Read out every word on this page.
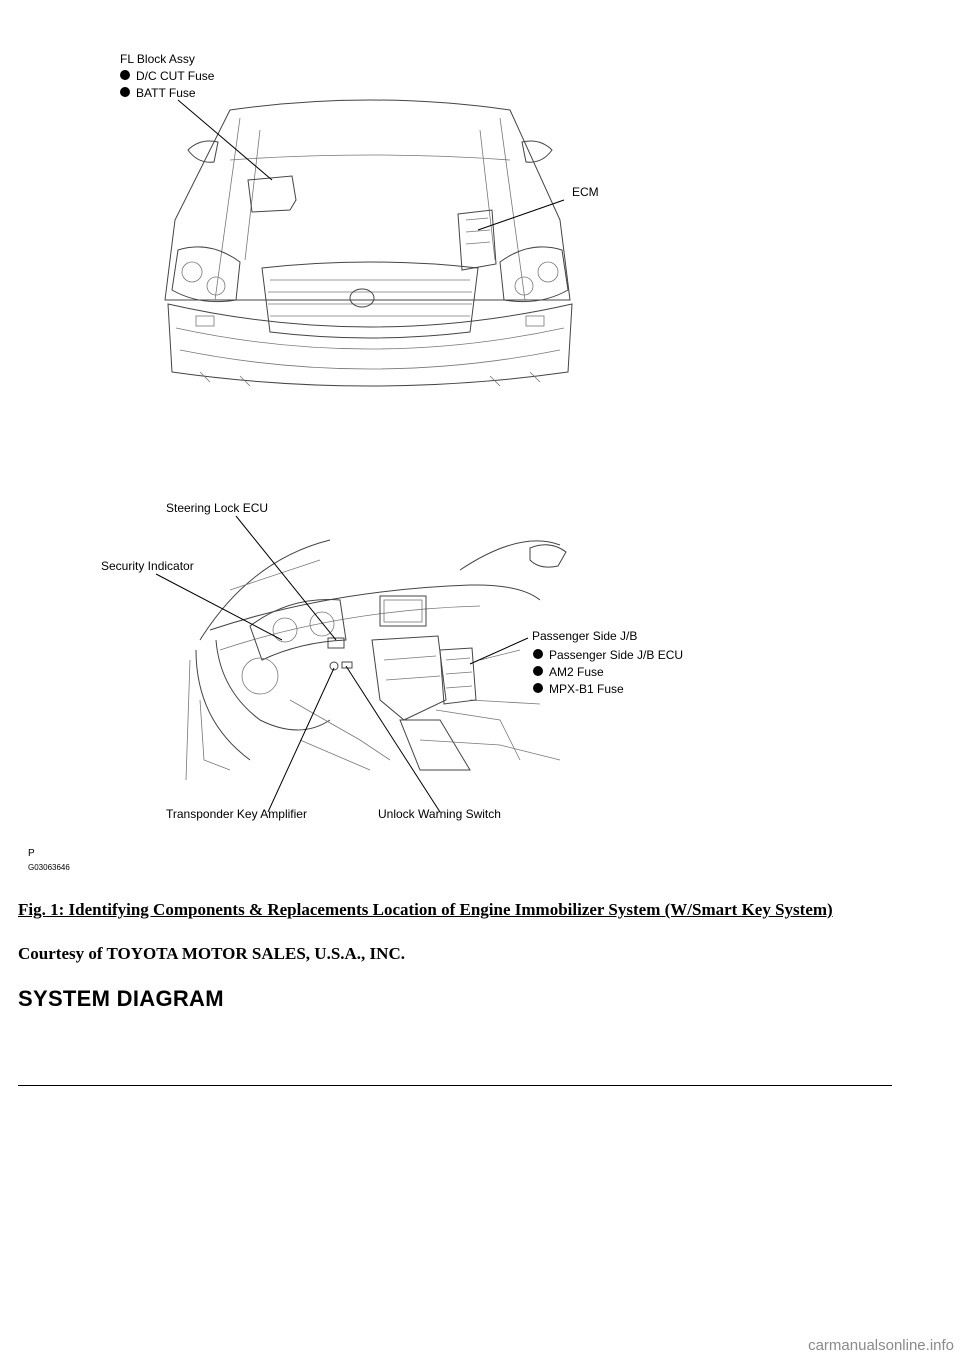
FL Block Assy
D/C CUT Fuse
BATT Fuse
ECM
Steering Lock ECU
Security Indicator
Passenger Side J/B
Passenger Side J/B ECU
AM2 Fuse
MPX-B1 Fuse
Transponder Key Amplifier	Unlock Warning Switch
P
G03063646
Fig. 1: Identifying Components & Replacements Location of Engine Immobilizer System (W/Smart Key System)
Courtesy of TOYOTA MOTOR SALES, U.S.A., INC.
SYSTEM DIAGRAM
carmanualsonline.info
